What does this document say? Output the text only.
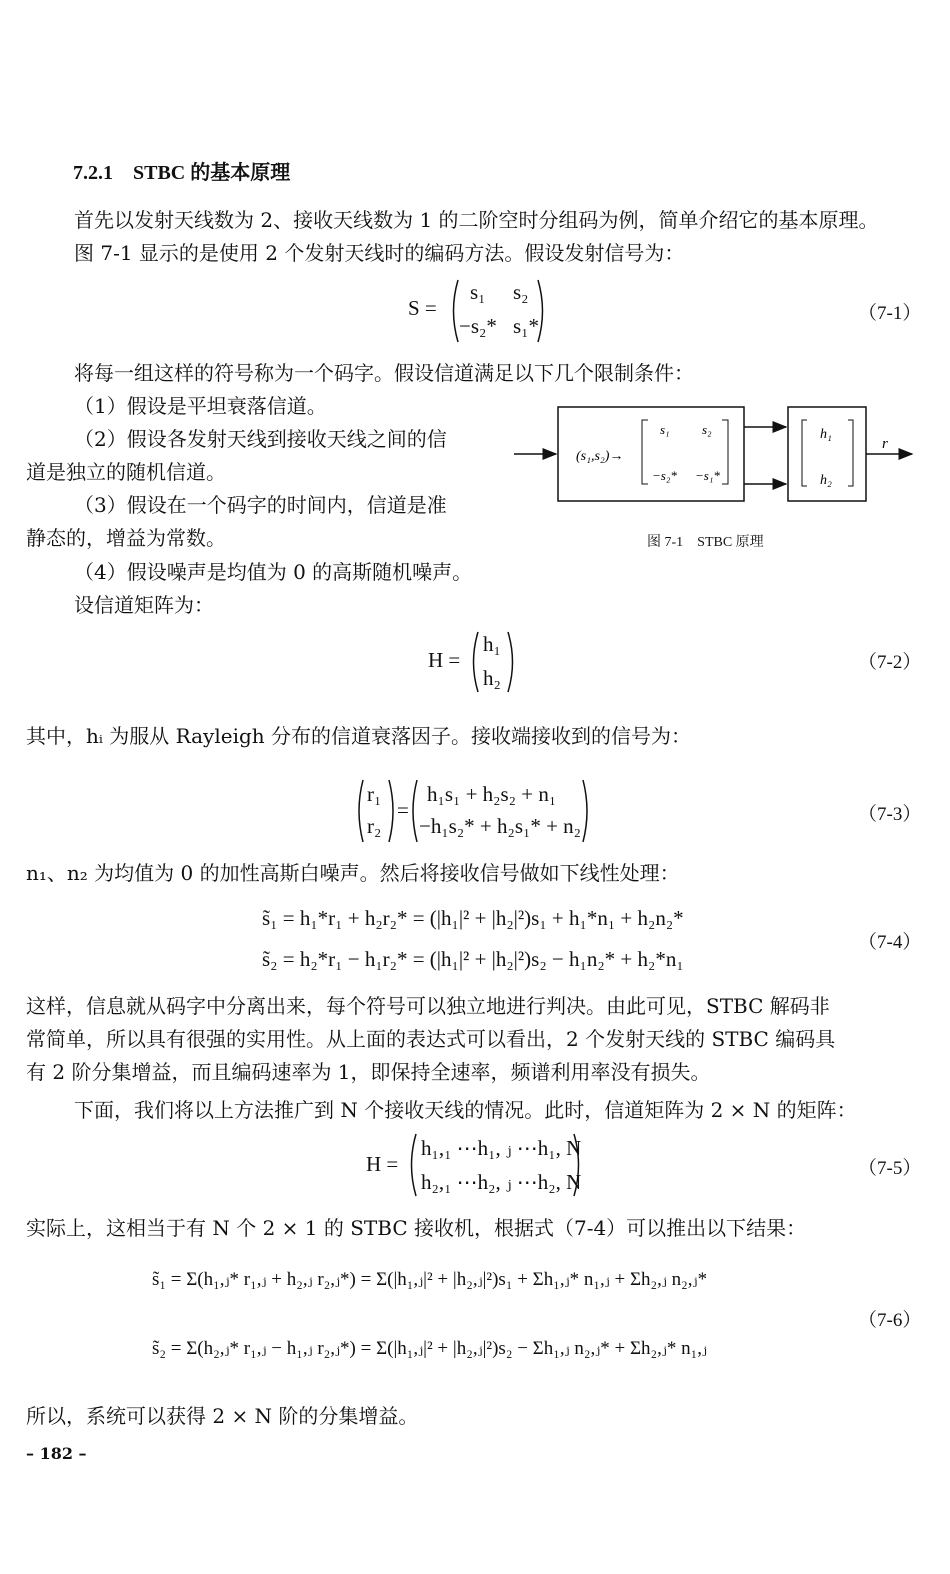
7.2.1 STBC 的基本原理

首先以发射天线数为 2、接收天线数为 1 的二阶空时分组码为例，简单介绍它的基本原理。

图 7-1 显示的是使用 2 个发射天线时的编码方法。假设发射信号为：

S =
s₁ s₂
−s₂* s₁*
（7-1）

将每一组这样的符号称为一个码字。假设信道满足以下几个限制条件：

（1）假设是平坦衰落信道。

（2）假设各发射天线到接收天线之间的信

道是独立的随机信道。

（3）假设在一个码字的时间内，信道是准

静态的，增益为常数。

（4）假设噪声是均值为 0 的高斯随机噪声。

设信道矩阵为：

(s₁,s₂)→
s₁ s₂
−s₂* −s₁*
h₁
h₂
r
图 7-1　STBC 原理
H =
h₁
h₂
（7-2）

其中，hᵢ 为服从 Rayleigh 分布的信道衰落因子。接收端接收到的信号为：

r₁
r₂
=
h₁s₁ + h₂s₂ + n₁
−h₁s₂* + h₂s₁* + n₂	（7-3）

n₁、n₂ 为均值为 0 的加性高斯白噪声。然后将接收信号做如下线性处理：

s̃₁ = h₁*r₁ + h₂r₂* = (|h₁|² + |h₂|²)s₁ + h₁*n₁ + h₂n₂*
s̃₂ = h₂*r₁ − h₁r₂* = (|h₁|² + |h₂|²)s₂ − h₁n₂* + h₂*n₁
（7-4）

这样，信息就从码字中分离出来，每个符号可以独立地进行判决。由此可见，STBC 解码非

常简单，所以具有很强的实用性。从上面的表达式可以看出，2 个发射天线的 STBC 编码具

有 2 阶分集增益，而且编码速率为 1，即保持全速率，频谱利用率没有损失。

下面，我们将以上方法推广到 N 个接收天线的情况。此时，信道矩阵为 2 × N 的矩阵：

H =
h₁,₁ ⋯h₁, ⱼ ⋯h₁, N
h₂,₁ ⋯h₂, ⱼ ⋯h₂, N
（7-5）

实际上，这相当于有 N 个 2 × 1 的 STBC 接收机，根据式（7-4）可以推出以下结果：

s̃₁ = Σ(h₁,ⱼ* r₁,ⱼ + h₂,ⱼ r₂,ⱼ*) = Σ(|h₁,ⱼ|² + |h₂,ⱼ|²)s₁ + Σh₁,ⱼ* n₁,ⱼ + Σh₂,ⱼ n₂,ⱼ*
s̃₂ = Σ(h₂,ⱼ* r₁,ⱼ − h₁,ⱼ r₂,ⱼ*) = Σ(|h₁,ⱼ|² + |h₂,ⱼ|²)s₂ − Σh₁,ⱼ n₂,ⱼ* + Σh₂,ⱼ* n₁,ⱼ
（7-6）

所以，系统可以获得 2 × N 阶的分集增益。

– 182 –
